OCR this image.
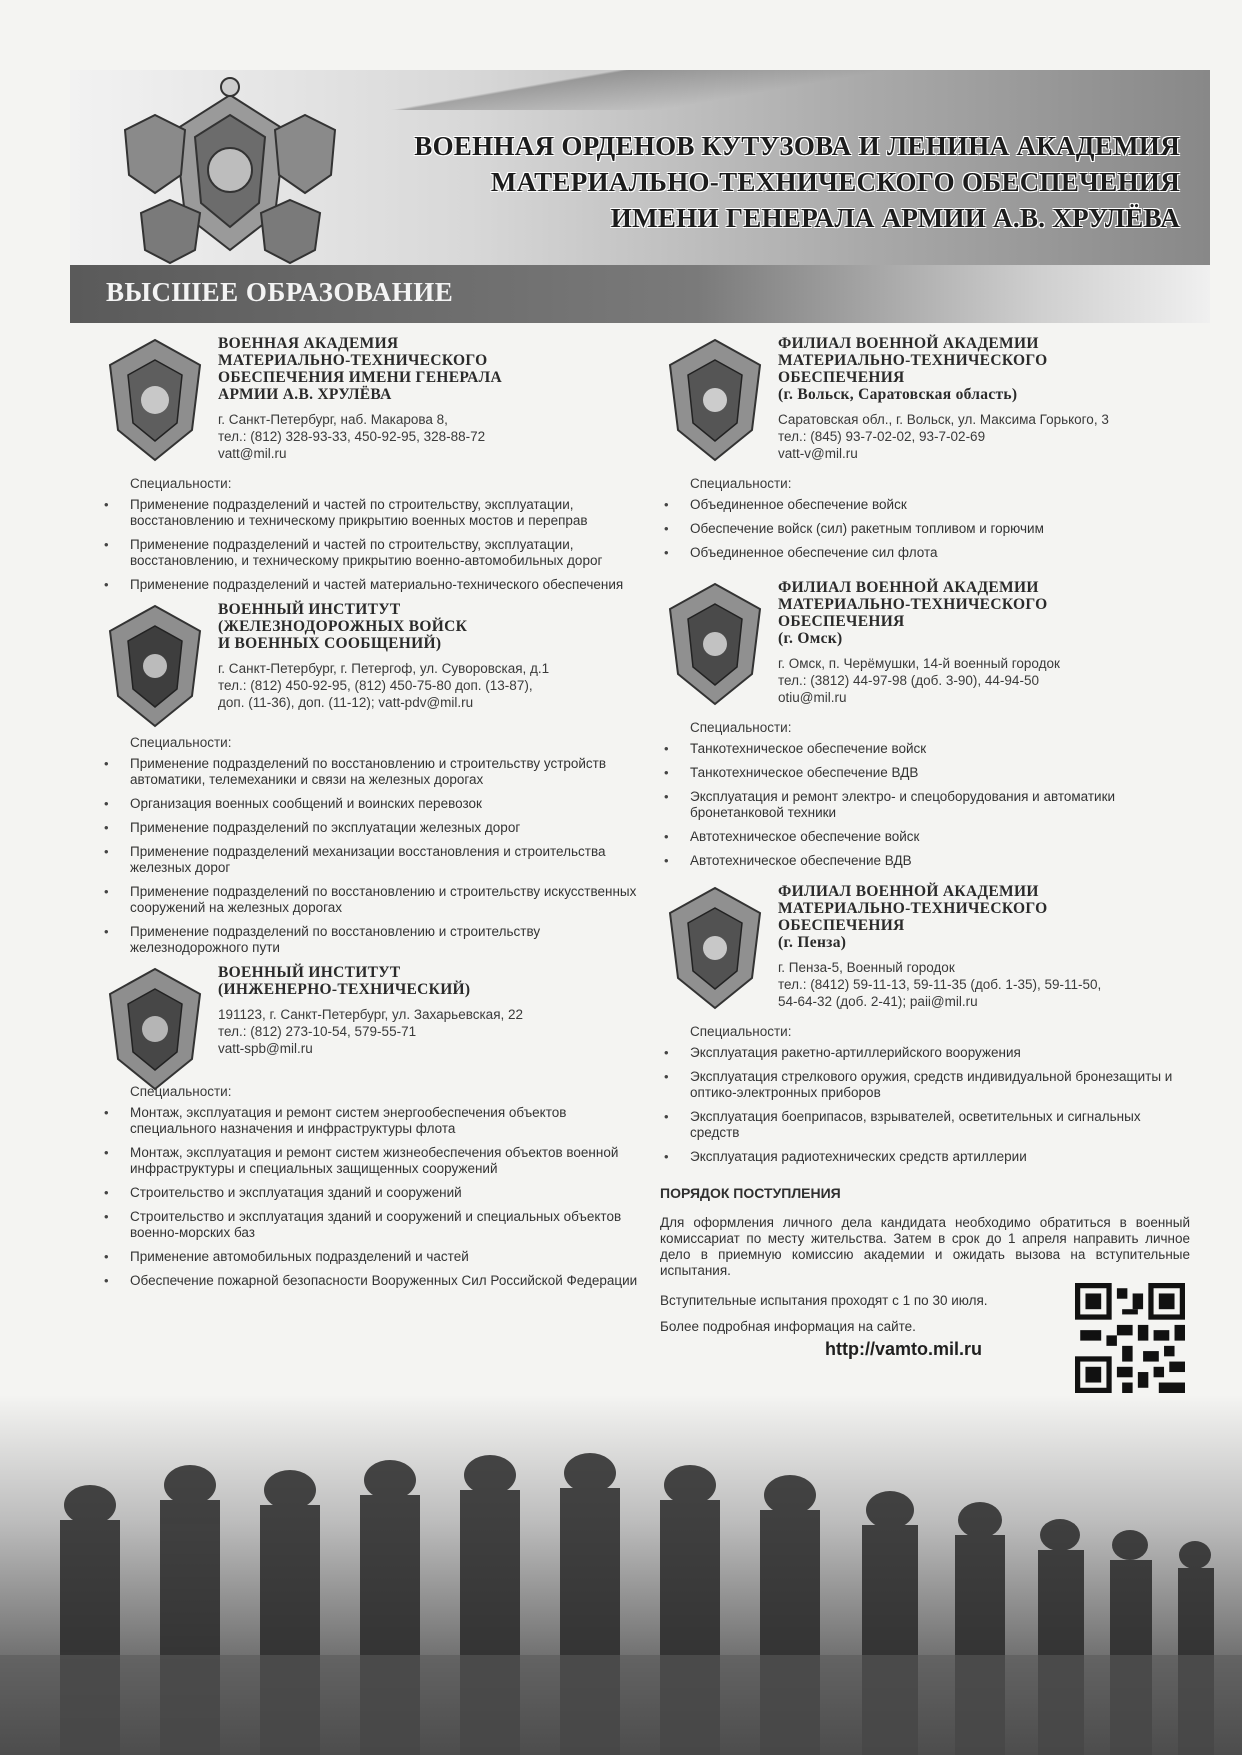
ВОЕННАЯ ОРДЕНОВ КУТУЗОВА И ЛЕНИНА АКАДЕМИЯ
МАТЕРИАЛЬНО-ТЕХНИЧЕСКОГО ОБЕСПЕЧЕНИЯ
ИМЕНИ ГЕНЕРАЛА АРМИИ А.В. ХРУЛЁВА
ВЫСШЕЕ ОБРАЗОВАНИЕ
ВОЕННАЯ АКАДЕМИЯ
МАТЕРИАЛЬНО-ТЕХНИЧЕСКОГО
ОБЕСПЕЧЕНИЯ ИМЕНИ ГЕНЕРАЛА
АРМИИ А.В. ХРУЛЁВА
г. Санкт-Петербург, наб. Макарова 8,
тел.: (812) 328-93-33, 450-92-95, 328-88-72
vatt@mil.ru
Специальности:
• Применение подразделений и частей по строительству, эксплуатации, восстановлению и техническому прикрытию военных мостов и переправ
• Применение подразделений и частей по строительству, эксплуатации, восстановлению, и техническому прикрытию военно-автомобильных дорог
• Применение подразделений и частей материально-технического обеспечения
ВОЕННЫЙ ИНСТИТУТ
(ЖЕЛЕЗНОДОРОЖНЫХ ВОЙСК
И ВОЕННЫХ СООБЩЕНИЙ)
г. Санкт-Петербург, г. Петергоф, ул. Суворовская, д.1
тел.: (812) 450-92-95, (812) 450-75-80 доп. (13-87),
доп. (11-36), доп. (11-12); vatt-pdv@mil.ru
Специальности:
• Применение подразделений по восстановлению и строительству устройств автоматики, телемеханики и связи на железных дорогах
• Организация военных сообщений и воинских перевозок
• Применение подразделений по эксплуатации железных дорог
• Применение подразделений механизации восстановления и строительства железных дорог
• Применение подразделений по восстановлению и строительству искусственных сооружений на железных дорогах
• Применение подразделений по восстановлению и строительству железнодорожного пути
ВОЕННЫЙ ИНСТИТУТ
(ИНЖЕНЕРНО-ТЕХНИЧЕСКИЙ)
191123, г. Санкт-Петербург, ул. Захарьевская, 22
тел.: (812) 273-10-54, 579-55-71
vatt-spb@mil.ru
Специальности:
• Монтаж, эксплуатация и ремонт систем энергообеспечения объектов специального назначения и инфраструктуры флота
• Монтаж, эксплуатация и ремонт систем жизнеобеспечения объектов военной инфраструктуры и специальных защищенных сооружений
• Строительство и эксплуатация зданий и сооружений
• Строительство и эксплуатация зданий и сооружений и специальных объектов военно-морских баз
• Применение автомобильных подразделений и частей
• Обеспечение пожарной безопасности Вооруженных Сил Российской Федерации
ФИЛИАЛ ВОЕННОЙ АКАДЕМИИ
МАТЕРИАЛЬНО-ТЕХНИЧЕСКОГО
ОБЕСПЕЧЕНИЯ
(г. Вольск, Саратовская область)
Саратовская обл., г. Вольск, ул. Максима Горького, 3
тел.: (845) 93-7-02-02, 93-7-02-69
vatt-v@mil.ru
Специальности:
• Объединенное обеспечение войск
• Обеспечение войск (сил) ракетным топливом и горючим
• Объединенное обеспечение сил флота
ФИЛИАЛ ВОЕННОЙ АКАДЕМИИ
МАТЕРИАЛЬНО-ТЕХНИЧЕСКОГО
ОБЕСПЕЧЕНИЯ
(г. Омск)
г. Омск, п. Черёмушки, 14-й военный городок
тел.: (3812) 44-97-98 (доб. 3-90), 44-94-50
otiu@mil.ru
Специальности:
• Танкотехническое обеспечение войск
• Танкотехническое обеспечение ВДВ
• Эксплуатация и ремонт электро- и спецоборудования и автоматики бронетанковой техники
• Автотехническое обеспечение войск
• Автотехническое обеспечение ВДВ
ФИЛИАЛ ВОЕННОЙ АКАДЕМИИ
МАТЕРИАЛЬНО-ТЕХНИЧЕСКОГО
ОБЕСПЕЧЕНИЯ
(г. Пенза)
г. Пенза-5, Военный городок
тел.: (8412) 59-11-13, 59-11-35 (доб. 1-35), 59-11-50,
54-64-32 (доб. 2-41); paii@mil.ru
Специальности:
• Эксплуатация ракетно-артиллерийского вооружения
• Эксплуатация стрелкового оружия, средств индивидуальной бронезащиты и оптико-электронных приборов
• Эксплуатация боеприпасов, взрывателей, осветительных и сигнальных средств
• Эксплуатация радиотехнических средств артиллерии
ПОРЯДОК ПОСТУПЛЕНИЯ
Для оформления личного дела кандидата необходимо обратиться в военный комиссариат по месту жительства. Затем в срок до 1 апреля направить личное дело в приемную комиссию академии и ожидать вызова на вступительные испытания.
Вступительные испытания проходят с 1 по 30 июля.
Более подробная информация на сайте.
http://vamto.mil.ru
